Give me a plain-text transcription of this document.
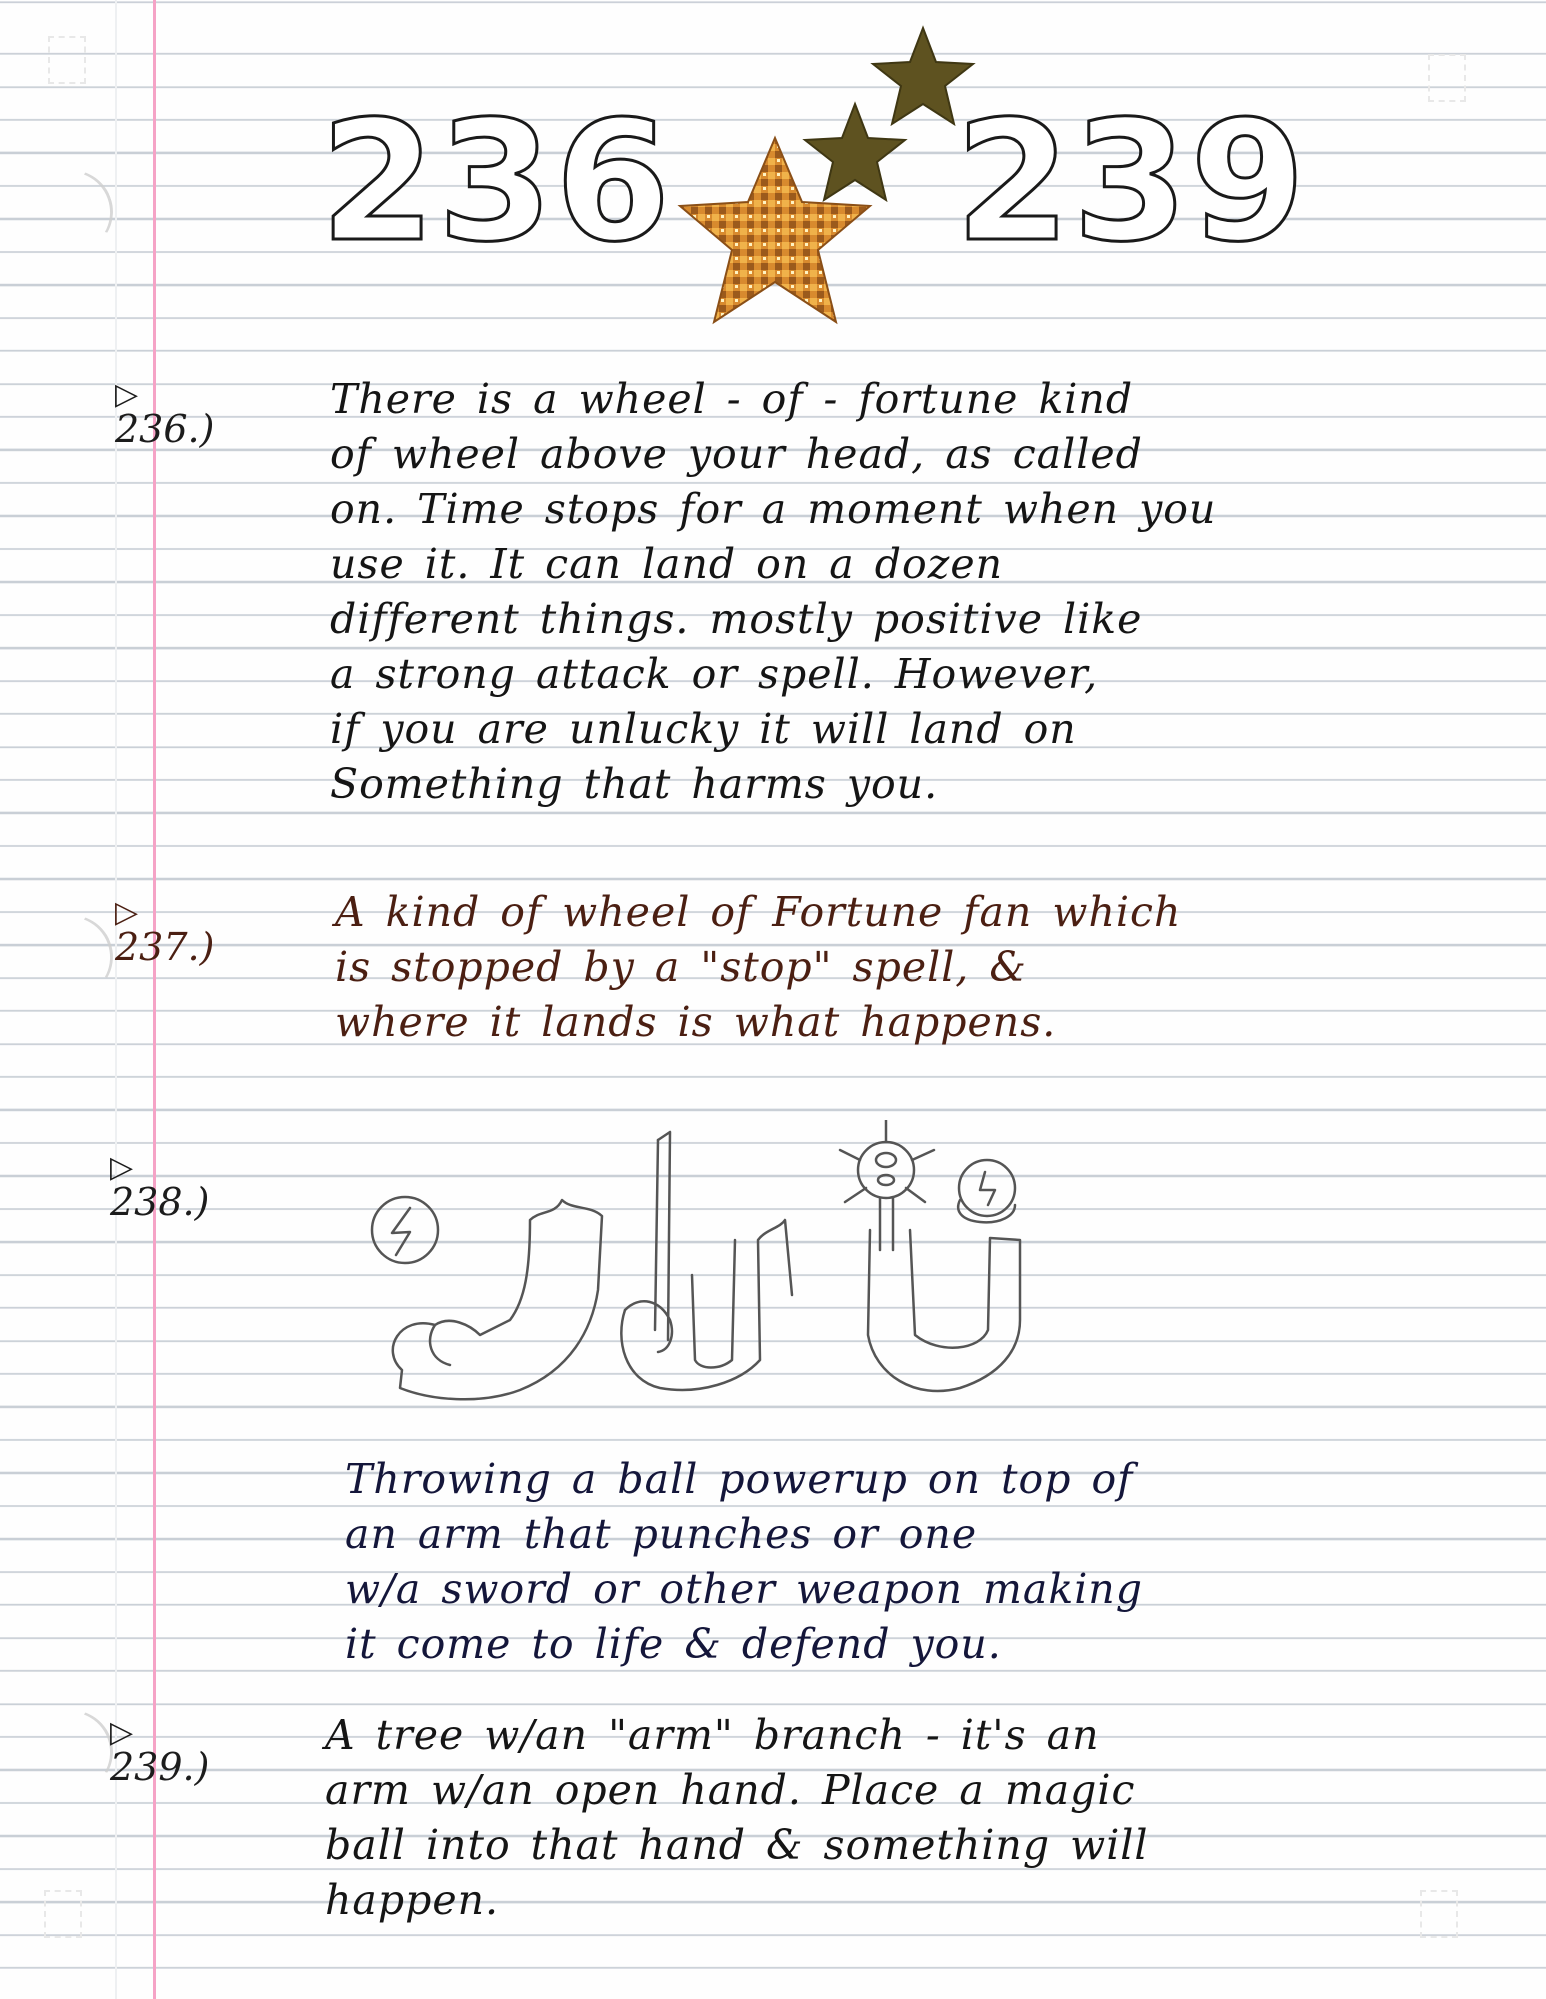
236 239
▷236.)

There is a wheel - of - fortune kind
of wheel above your head, as called
on. Time stops for a moment when you
use it. It can land on a dozen
different things. mostly positive like
a strong attack or spell. However,
if you are unlucky it will land on
Something that harms you.

▷237.)

A kind of wheel of Fortune fan which
is stopped by a "stop" spell, &
where it lands is what happens.

▷238.)

Throwing a ball powerup on top of
an arm that punches or one
w/a sword or other weapon making
it come to life & defend you.

▷239.)

A tree w/an "arm" branch - it's an
arm w/an open hand. Place a magic
ball into that hand & something will
happen.
